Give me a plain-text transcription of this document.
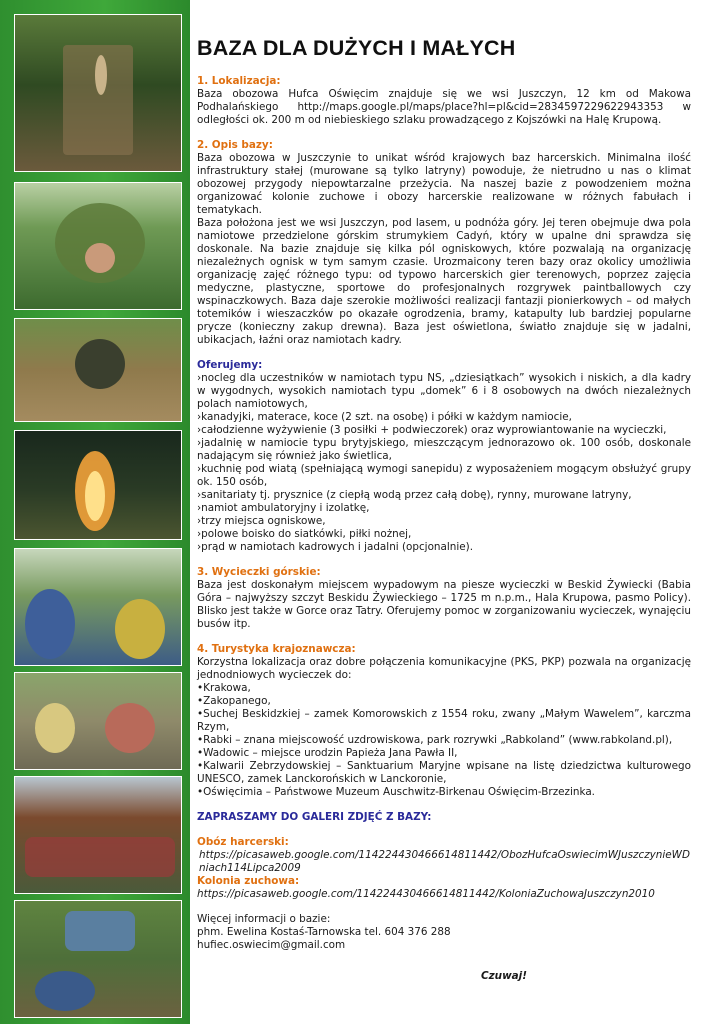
BAZA DLA DUŻYCH I MAŁYCH
1. Lokalizacja:

Baza obozowa Hufca Oświęcim znajduje się we wsi Juszczyn, 12 km od Makowa Podhalańskiego http://maps.google.pl/maps/place?hl=pl&cid=2834597229622943353 w odległości ok. 200 m od niebieskiego szlaku prowadzącego z Kojszówki na Halę Krupową.

2. Opis bazy:

Baza obozowa w Juszczynie to unikat wśród krajowych baz harcerskich. Minimalna ilość infrastruktury stałej (murowane są tylko latryny) powoduje, że nietrudno u nas o klimat obozowej przygody niepowtarzalne przeżycia. Na naszej bazie z powodzeniem można organizować kolonie zuchowe i obozy harcerskie realizowane w różnych fabułach i tematykach.

Baza położona jest we wsi Juszczyn, pod lasem, u podnóża góry. Jej teren obejmuje dwa pola namiotowe przedzielone górskim strumykiem Cadyń, który w upalne dni sprawdza się doskonale. Na bazie znajduje się kilka pól ogniskowych, które pozwalają na organizację niezależnych ognisk w tym samym czasie. Urozmaicony teren bazy oraz okolicy umożliwia organizację zajęć różnego typu: od typowo harcerskich gier terenowych, poprzez zajęcia medyczne, plastyczne, sportowe do profesjonalnych rozgrywek paintballowych czy wspinaczkowych. Baza daje szerokie możliwości realizacji fantazji pionierkowych – od małych totemików i wieszaczków po okazałe ogrodzenia, bramy, katapulty lub bardziej popularne prycze (konieczny zakup drewna). Baza jest oświetlona, światło znajduje się w jadalni, ubikacjach, łaźni oraz namiotach kadry.

Oferujemy:
›nocleg dla uczestników w namiotach typu NS, „dziesiątkach” wysokich i niskich, a dla kadry w wygodnych, wysokich namiotach typu „domek” 6 i 8 osobowych na dwóch niezależnych polach namiotowych,
›kanadyjki, materace, koce (2 szt. na osobę) i półki w każdym namiocie,
›całodzienne wyżywienie (3 posiłki + podwieczorek) oraz wyprowiantowanie na wycieczki,
›jadalnię w namiocie typu brytyjskiego, mieszczącym jednorazowo ok. 100 osób, doskonale nadającym się również jako świetlica,
›kuchnię pod wiatą (spełniającą wymogi sanepidu) z wyposażeniem mogącym obsłużyć grupy ok. 150 osób,
›sanitariaty tj. prysznice (z ciepłą wodą przez całą dobę), rynny, murowane latryny,
›namiot ambulatoryjny i izolatkę,
›trzy miejsca ogniskowe,
›polowe boisko do siatkówki, piłki nożnej,
›prąd w namiotach kadrowych i jadalni (opcjonalnie).
3. Wycieczki górskie:

Baza jest doskonałym miejscem wypadowym na piesze wycieczki w Beskid Żywiecki (Babia Góra – najwyższy szczyt Beskidu Żywieckiego – 1725 m n.p.m., Hala Krupowa, pasmo Policy). Blisko jest także w Gorce oraz Tatry. Oferujemy pomoc w zorganizowaniu wycieczek, wynajęciu busów itp.

4. Turystyka krajoznawcza:

Korzystna lokalizacja oraz dobre połączenia komunikacyjne (PKS, PKP) pozwala na organizację jednodniowych wycieczek do:

•Krakowa,
•Zakopanego,
•Suchej Beskidzkiej – zamek Komorowskich z 1554 roku, zwany „Małym Wawelem”, karczma Rzym,
•Rabki – znana miejscowość uzdrowiskowa, park rozrywki „Rabkoland” (www.rabkoland.pl),
•Wadowic – miejsce urodzin Papieża Jana Pawła II,
•Kalwarii Zebrzydowskiej – Sanktuarium Maryjne wpisane na listę dziedzictwa kulturowego UNESCO, zamek Lanckorońskich w Lanckoronie,
•Oświęcimia – Państwowe Muzeum Auschwitz-Birkenau Oświęcim-Brzezinka.
ZAPRASZAMY DO GALERI ZDJĘĆ Z BAZY:
Obóz harcerski:
https://picasaweb.google.com/114224430466614811442/ObozHufcaOswiecimWJuszczynieWDniach114Lipca2009
Kolonia zuchowa:
https://picasaweb.google.com/114224430466614811442/KoloniaZuchowaJuszczyn2010

Więcej informacji o bazie:

phm. Ewelina Kostaś-Tarnowska tel. 604 376 288

hufiec.oswiecim@gmail.com

Czuwaj!
